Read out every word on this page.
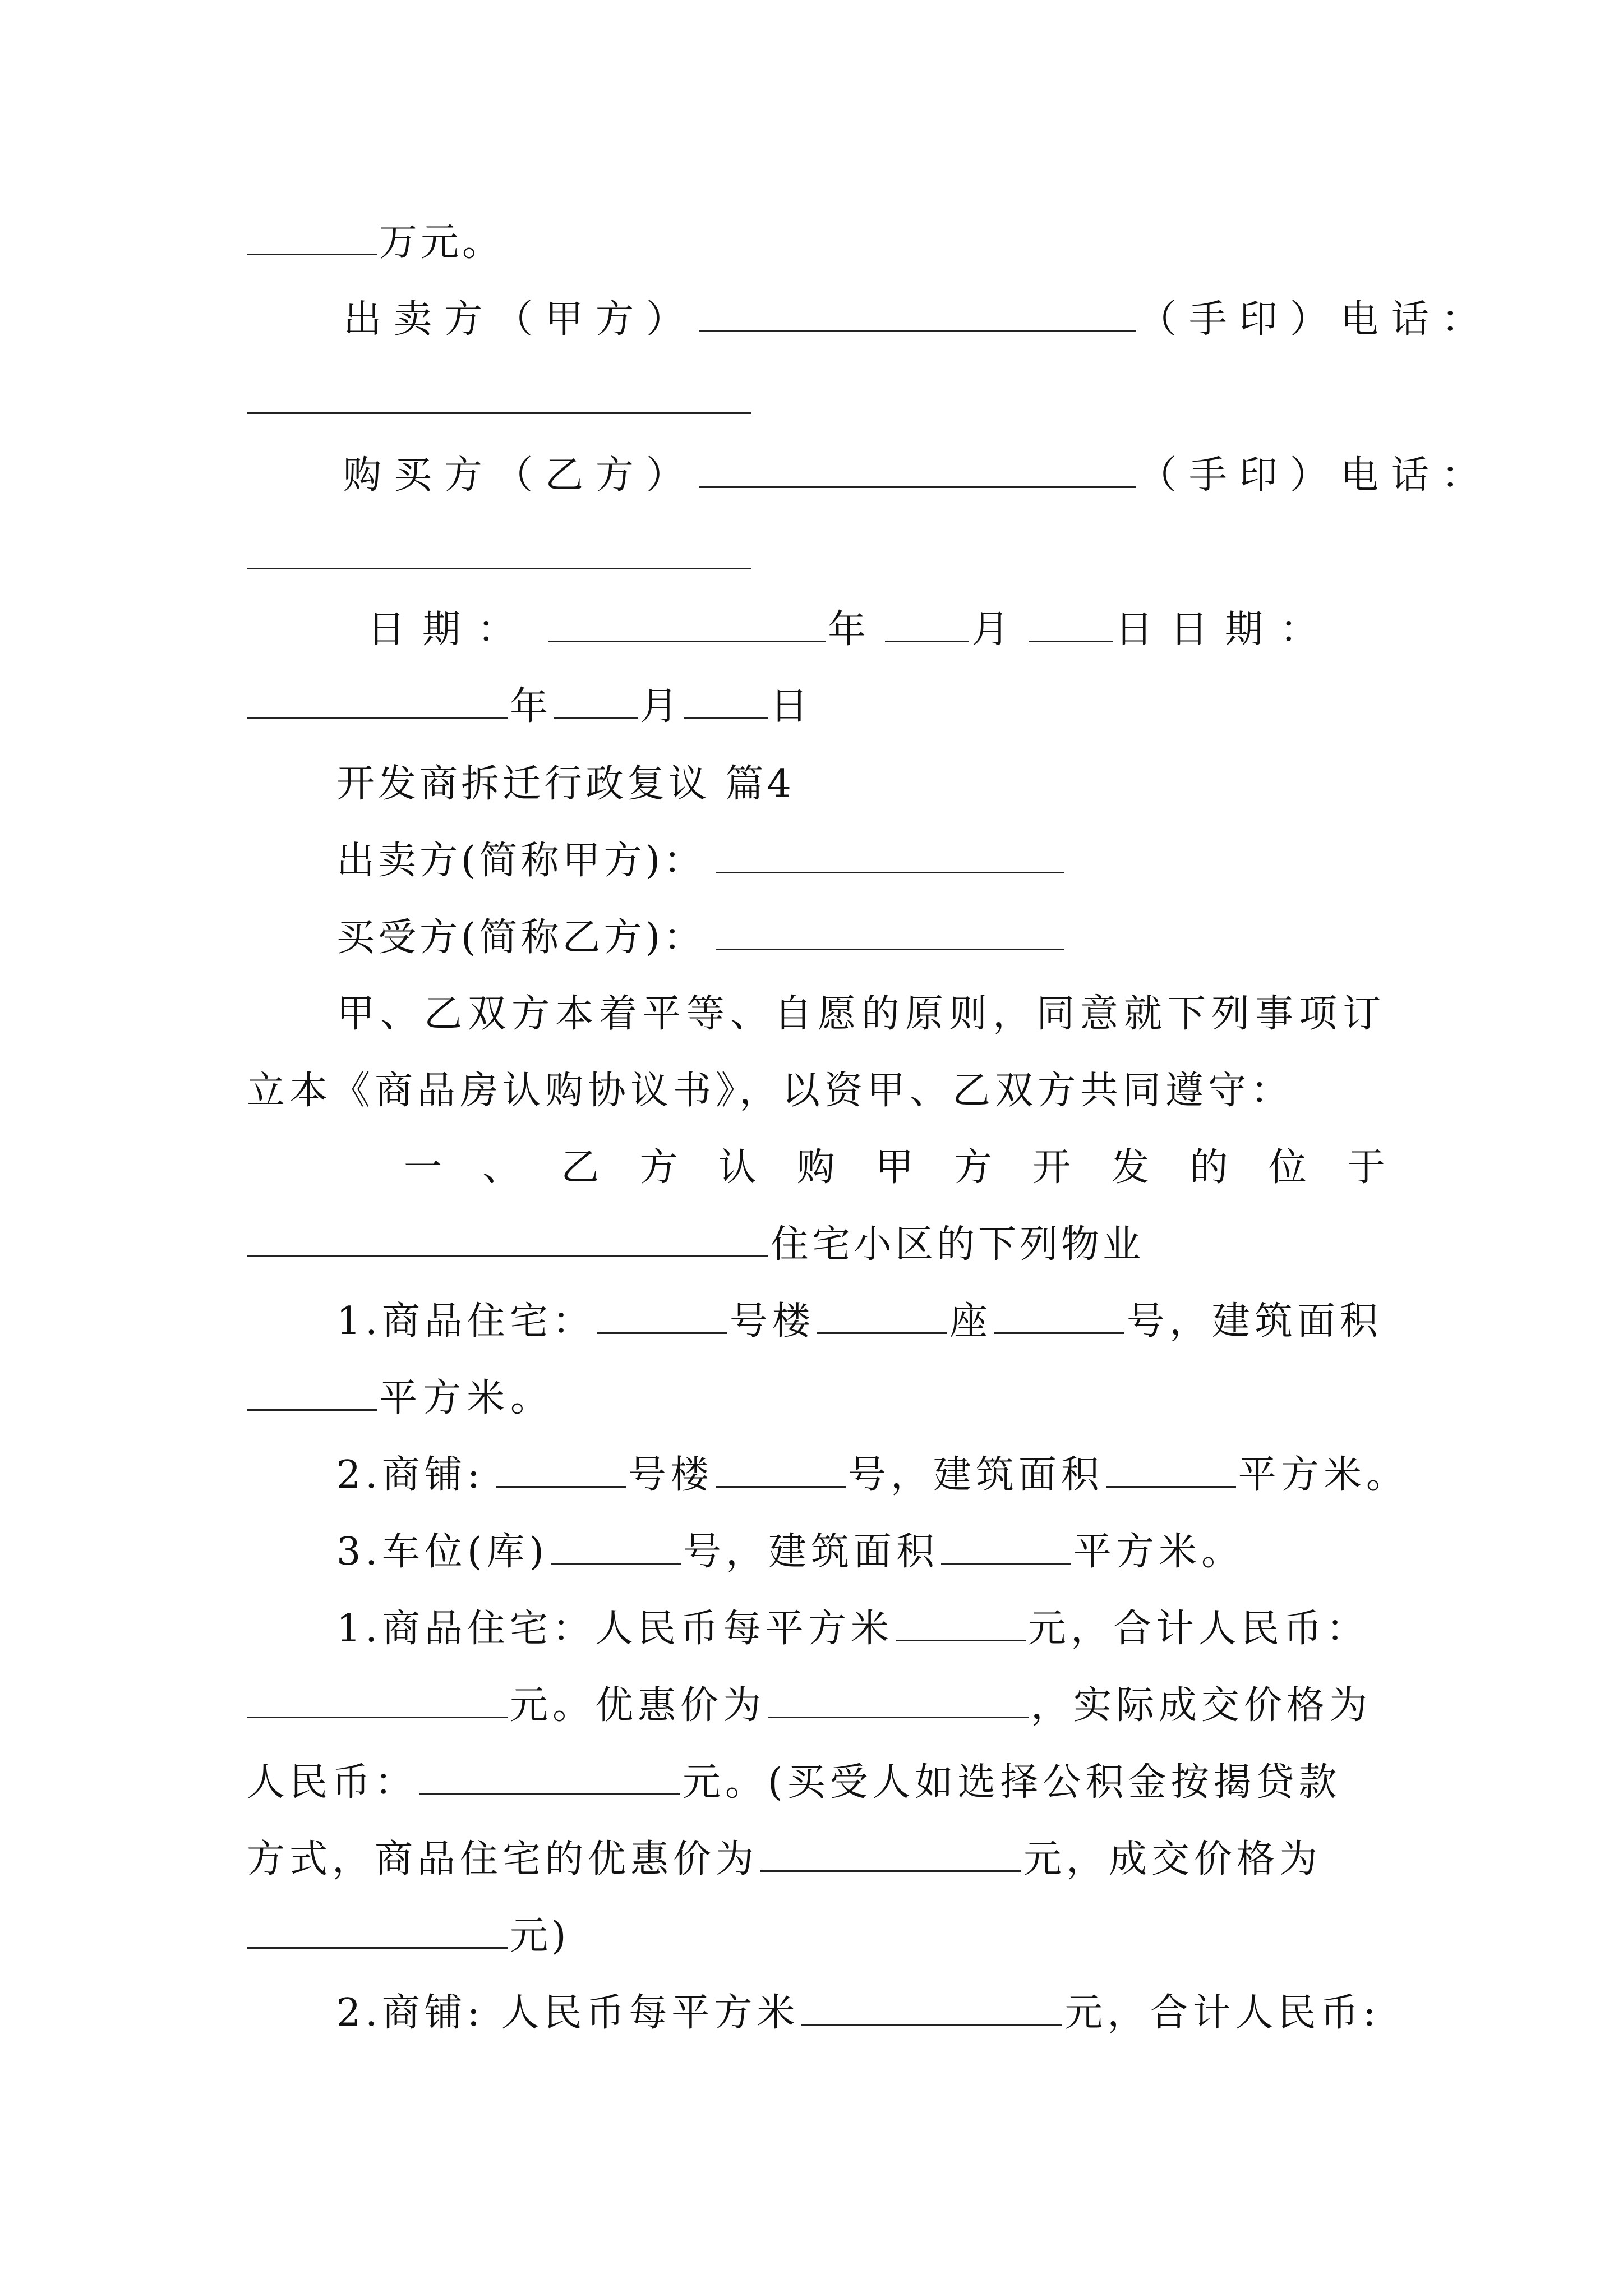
万元。
出卖方（甲方）	（手印）电话：
购买方（乙方）	（手印）电话：
日期：	年 月 日日期：
年 月 日
开发商拆迁行政复议 篇4
出卖方(简称甲方)：
买受方(简称乙方)：
甲、乙双方本着平等、自愿的原则，同意就下列事项订
立本《商品房认购协议书》，以资甲、乙双方共同遵守：
一 、 乙 方 认 购 甲 方 开 发 的 位 于
住宅小区的下列物业
1.商品住宅：	号楼	座	号，建筑面积
平方米。
2.商铺:	号楼	号，建筑面积	平方米。
3.车位(库)	号，建筑面积	平方米。
1.商品住宅：人民币每平方米	元，合计人民币：
元。优惠价为	，实际成交价格为
人民币：	元。(买受人如选择公积金按揭贷款
方式，商品住宅的优惠价为	元，成交价格为
元)
2.商铺: 人民币每平方米	元，合计人民币:
